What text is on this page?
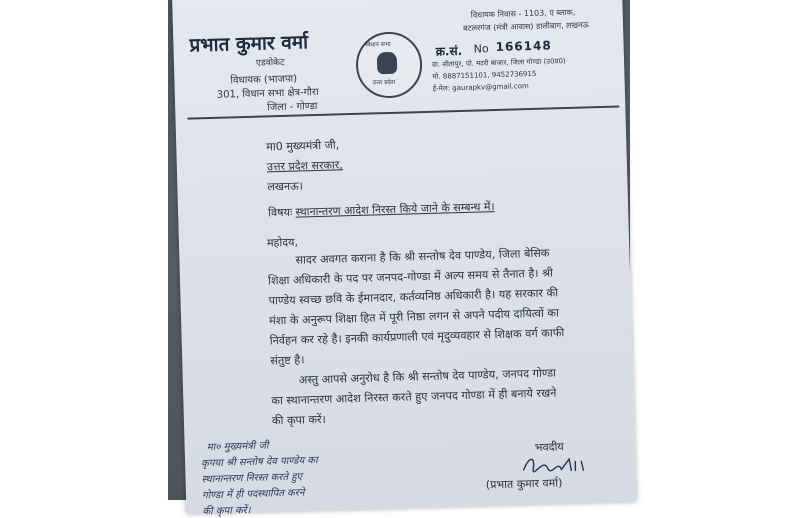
प्रभात कुमार वर्मा
एडवोकेट
विधायक (भाजपा)
301, विधान सभा क्षेत्र-गौरा
जिला - गोण्डा
विधान सभा
उत्तर प्रदेश
विधायक निवास - 1103, ए ब्लाक,
बटलरगंज (मंत्री आवास) डालीबाग, लखनऊ
क्र.सं. No 166148
ग्रा. सीतापुर, पो. मटरी बाजार, जिला गोण्डा (उ0प्र0)
मो. 8887151101, 9452736915
ई-मेल: gaurapkv@gmail.com
मा0 मुख्यमंत्री जी,
उत्तर प्रदेश सरकार,
लखनऊ।
विषयः स्थानान्तरण आदेश निरस्त किये जाने के सम्बन्ध में।
महोदय,
सादर अवगत कराना है कि श्री सन्तोष देव पाण्डेय, जिला बेसिक
शिक्षा अधिकारी के पद पर जनपद-गोण्डा में अल्प समय से तैनात है। श्री
पाण्डेय स्वच्छ छवि के ईमानदार, कर्तव्यनिष्ठ अधिकारी है। यह सरकार की
मंशा के अनुरूप शिक्षा हित में पूरी निष्ठा लगन से अपने पदीय दायित्वों का
निर्वहन कर रहे है। इनकी कार्यप्रणाली एवं मृदुव्यवहार से शिक्षक वर्ग काफी
संतुष्ट है।
अस्तु आपसे अनुरोध है कि श्री सन्तोष देव पाण्डेय, जनपद गोण्डा
का स्थानान्तरण आदेश निरस्त करते हुए जनपद गोण्डा में ही बनाये रखने
की कृपा करें।
भवदीय
(प्रभात कुमार वर्मा)
मा० मुख्यमंत्री जी
कृपया श्री सन्तोष देव पाण्डेय का
स्थानान्तरण निरस्त करते हुए
गोण्डा में ही पदस्थापित करने
की कृपा करें।
